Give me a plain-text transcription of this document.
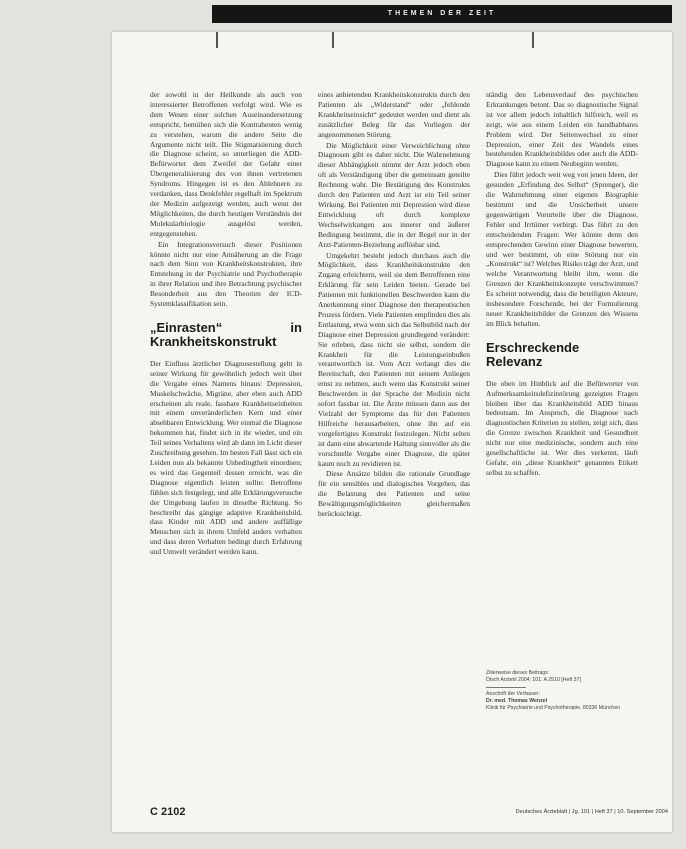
THEMEN DER ZEIT

der sowohl in der Heilkunde als auch von interessierter Betroffenen verfolgt wird. Wie es dem Wesen einer solchen Auseinandersetzung entspricht, bemühen sich die Kontrahenten wenig zu verstehen, warum die andere Seite die Argumente nicht teilt. Die Stigmatisierung durch die Diagnose scheint, so unterliegen die ADD-Befürworter dem Zweifel der Gefahr einer Übergeneralisierung des von ihnen vertretenen Syndroms. Hingegen ist es den Ablehnern zu verdanken, dass Denkfehler regelhaft im Spektrum der Medizin aufgezeigt werden, auch wenn der Möglichkeiten, die durch heutigen Verständnis der Molekularbiologie ausgelöst werden, entgegenstehen.

Ein Integrationsversuch dieser Positionen könnte nicht nur eine Annäherung an die Frage nach dem Sinn von Krankheitskonstrukten, ihre Entstehung in der Psychiatrie und Psychotherapie in ihrer Relation und ihre Betrachtung psychischer Besonderheit aus den Theorien der ICD-Systemklassifikation sein.

„Einrasten“ in Krankheitskonstrukt

Der Einfluss ärztlicher Diagnosestellung geht in seiner Wirkung für gewöhnlich jedoch weit über die Vergabe eines Namens hinaus: Depression, Muskelschwäche, Migräne, aber eben auch ADD erscheinen als reale, fassbare Krankheitseinheiten mit einem unveränderlichen Kern und einer absehbaren Entwicklung. Wer einmal die Diagnose bekommen hat, findet sich in ihr wieder, und ein Teil seines Verhaltens wird ab dann im Licht dieser Zuschreibung gesehen. Im besten Fall lässt sich ein Leiden nun als bekannte Unbedingtheit einordnen; es wird das Gegenteil dessen erreicht, was die Diagnose eigentlich leisten sollte: Betroffene fühlen sich festgelegt, und alle Erklärungsversuche der Umgebung laufen in dieselbe Richtung. So beschreibt das gängige adaptive Krankheitsbild, dass Kinder mit ADD und andere auffällige Menschen sich in ihrem Umfeld anders verhalten und dass deren Verhalten bedingt durch Erfahrung und Umwelt verändert werden kann.

eines anbietenden Krankheitskonstrukts durch den Patienten als „Widerstand“ oder „fehlende Krankheitseinsicht“ gedeutet werden und dient als zusätzlicher Beleg für das Vorliegen der angenommenen Störung.

Die Möglichkeit einer Verweichlichung ohne Diagnosen gibt es daher nicht. Die Wahrnehmung dieser Abhängigkeit nimmt der Arzt jedoch eben oft als Verständigung über die gemeinsam geteilte Rechnung wahr. Die Bestätigung des Konstrukts durch den Patienten und Arzt ist ein Teil seiner Wirkung. Bei Patienten mit Depression wird diese Entwicklung oft durch komplexe Wechselwirkungen aus innerer und äußerer Bedingung bestimmt, die in der Regel nur in der Arzt-Patienten-Beziehung auflösbar sind.

Umgekehrt besteht jedoch durchaus auch die Möglichkeit, dass Krankheitskonstrukte den Zugang erleichtern, weil sie dem Betroffenen eine Erklärung für sein Leiden bieten. Gerade bei Patienten mit funktionellen Beschwerden kann die Anerkennung einer Diagnose den therapeutischen Prozess fördern. Viele Patienten empfinden dies als Entlastung, etwa wenn sich das Selbstbild nach der Diagnose einer Depression grundlegend verändert: Sie erleben, dass nicht sie selbst, sondern die Krankheit für die Leistungseinbußen verantwortlich ist. Vom Arzt verlangt dies die Bereitschaft, den Patienten mit seinem Anliegen ernst zu nehmen, auch wenn das Konstrukt seiner Beschwerden in der Sprache der Medizin nicht sofort fassbar ist. Die Ärzte müssen dann aus der Vielzahl der Symptome das für den Patienten Hilfreiche herausarbeiten, ohne ihn auf ein vorgefertigtes Konstrukt festzulegen. Nicht selten ist dann eine abwartende Haltung sinnvoller als die vorschnelle Vergabe einer Diagnose, die später kaum noch zu revidieren ist.

Diese Ansätze bilden die rationale Grundlage für ein sensibles und dialogisches Vorgehen, das die Belastung des Patienten und seine Bewältigungsmöglichkeiten gleichermaßen berücksichtigt.

ständig den Lebensverlauf des psychischen Erkrankungen betont. Das so diagnostische Signal ist vor allem jedoch inhaltlich hilfreich, weil es zeigt, wie aus einem Leiden ein handhabbares Problem wird. Der Seitenwechsel zu einer Depression, einer Zeit des Wandels eines bestehenden Krankheitsbildes oder auch die ADD-Diagnose kann zu einem Neubeginn werden.

Dies führt jedoch weit weg von jenen Ideen, der gesunden „Erfindung des Selbst“ (Sprenger), die die Wahrnehmung einer eigenen Biographie bestimmt und die Unsicherheit unsere gegenwärtigen Vorurteile über die Diagnose, Fehler und Irrtümer verbirgt. Das führt zu den entscheidenden Fragen: Wer könnte denn den entsprechenden Gewinn einer Diagnose bewerten, und wer bestimmt, ob eine Störung nur ein „Konstrukt“ ist? Welches Risiko trägt der Arzt, und welche Verantwortung bleibt ihm, wenn die Grenzen der Krankheitskonzepte verschwimmen? Es scheint notwendig, dass die beteiligten Akteure, insbesondere Forschende, bei der Formulierung neuer Krankheitsbilder die Grenzen des Wissens im Blick behalten.

Erschreckende Relevanz

Die oben im Hinblick auf die Befürworter von Aufmerksamkeitsdefizitstörung gezeigten Fragen bleiben über das Krankheitsbild ADD hinaus bedeutsam. Im Anspruch, die Diagnose nach diagnostischen Kriterien zu stellen, zeigt sich, dass die Grenze zwischen Krankheit und Gesundheit nicht nur eine medizinische, sondern auch eine gesellschaftliche ist. Wer dies verkennt, läuft Gefahr, ein „diese Krankheit“ genanntes Etikett selbst zu schaffen.

Zitierweise dieses Beitrags:
Dtsch Arztebl 2004; 101: A 2510 [Heft 37]
Anschrift der Verfasser:
Dr. med. Thomas Wenzel
Klinik für Psychiatrie und Psychotherapie, 80336 München
C 2102	Deutsches Ärzteblatt | Jg. 101 | Heft 37 | 10. September 2004
